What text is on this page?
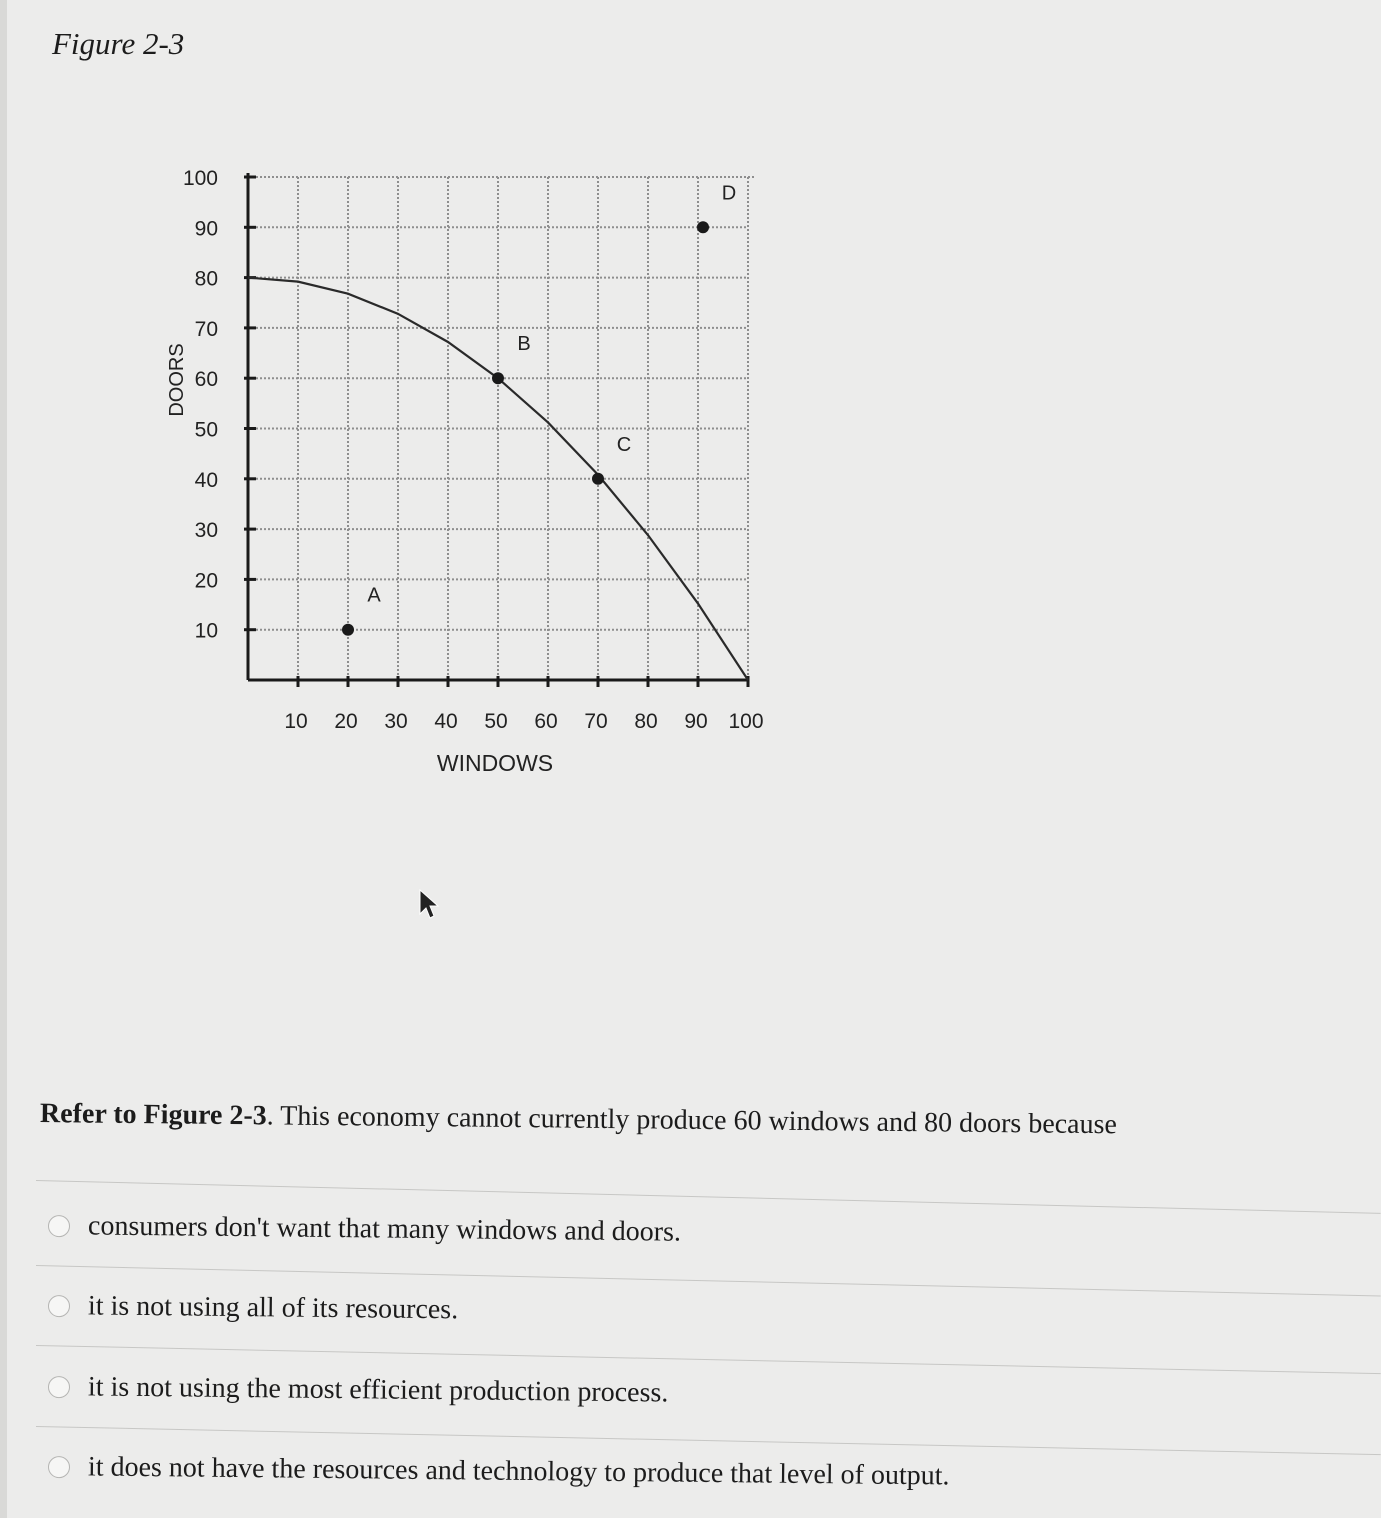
Figure 2-3
10 20 30 40 50 60 70 80 90 100
10
20
30
40
50
60
70
80
90
100
A
B
C
D
WINDOWS
DOORS
Refer to Figure 2-3. This economy cannot currently produce 60 windows and 80 doors because
consumers don't want that many windows and doors.
it is not using all of its resources.
it is not using the most efficient production process.
it does not have the resources and technology to produce that level of output.
